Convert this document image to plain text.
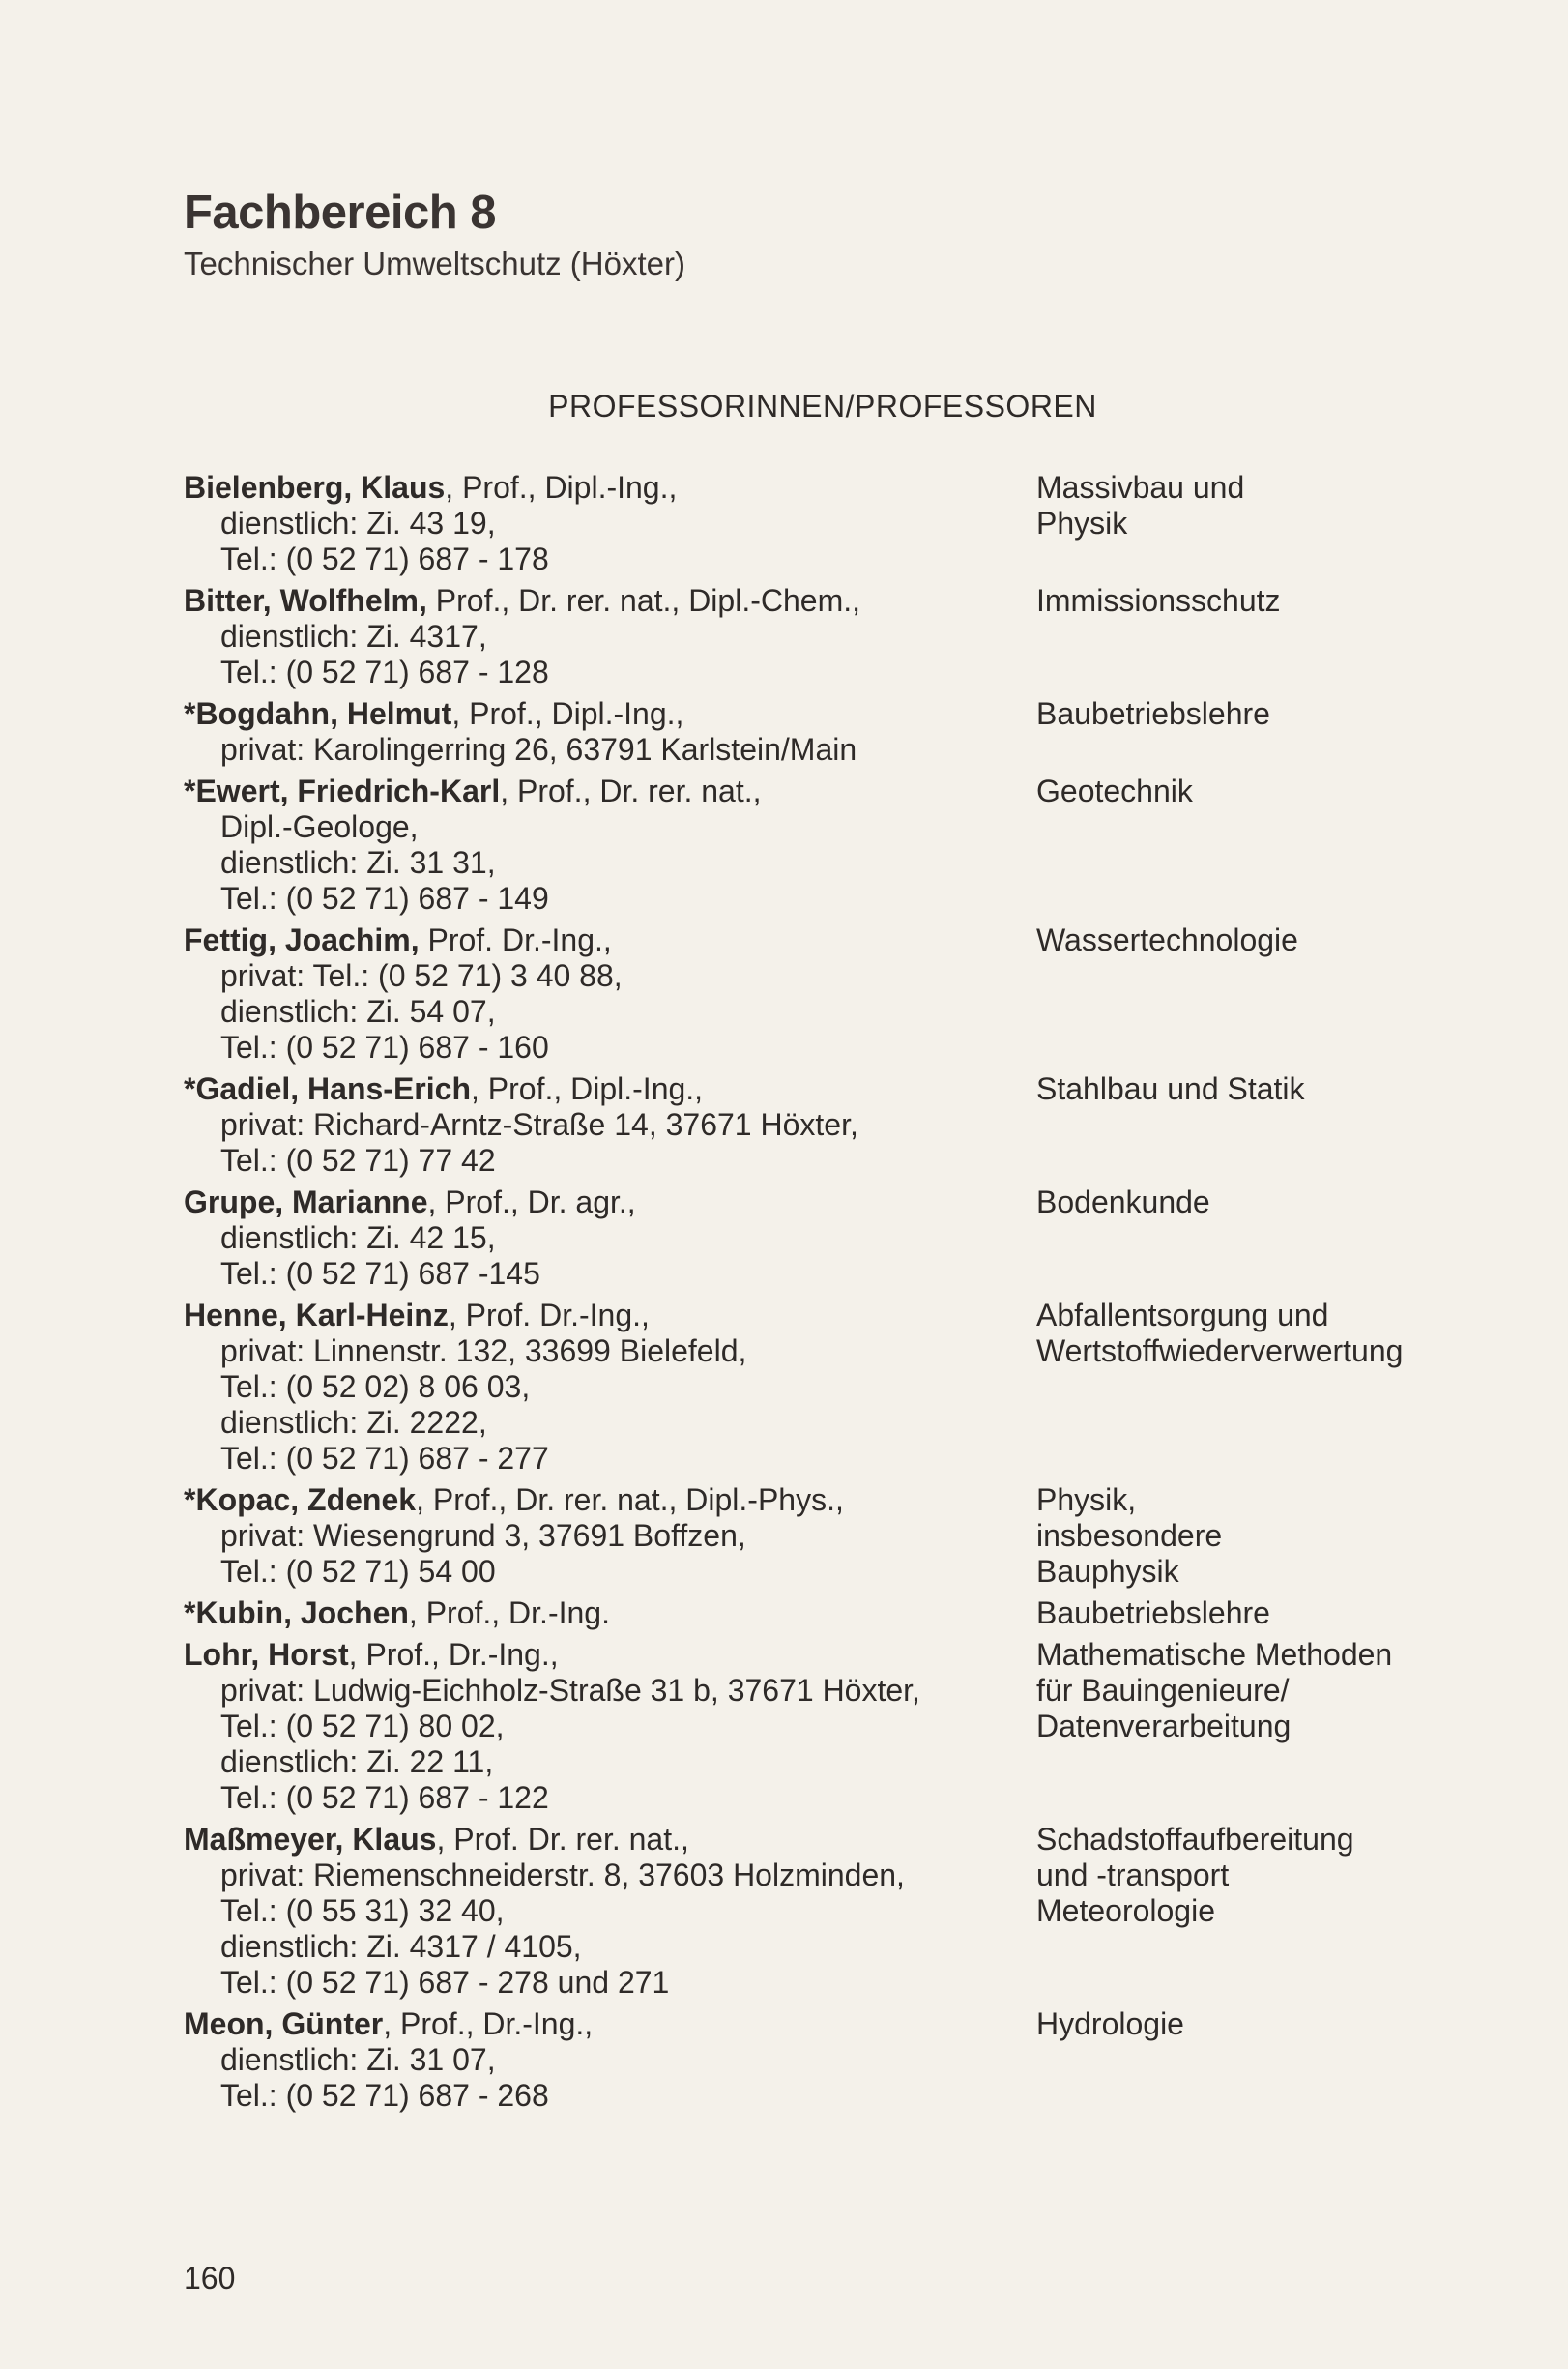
Fachbereich 8
Technischer Umweltschutz (Höxter)
PROFESSORINNEN/PROFESSOREN
Bielenberg, Klaus, Prof., Dipl.-Ing.,
dienstlich: Zi. 43 19,
Tel.: (0 52 71) 687 - 178
Massivbau und
Physik
Bitter, Wolfhelm, Prof., Dr. rer. nat., Dipl.-Chem.,
dienstlich: Zi. 4317,
Tel.: (0 52 71) 687 - 128
Immissionsschutz
*Bogdahn, Helmut, Prof., Dipl.-Ing.,
privat: Karolingerring 26, 63791 Karlstein/Main
Baubetriebslehre
*Ewert, Friedrich-Karl, Prof., Dr. rer. nat.,
Dipl.-Geologe,
dienstlich: Zi. 31 31,
Tel.: (0 52 71) 687 - 149
Geotechnik
Fettig, Joachim, Prof. Dr.-Ing.,
privat: Tel.: (0 52 71) 3 40 88,
dienstlich: Zi. 54 07,
Tel.: (0 52 71) 687 - 160
Wassertechnologie
*Gadiel, Hans-Erich, Prof., Dipl.-Ing.,
privat: Richard-Arntz-Straße 14, 37671 Höxter,
Tel.: (0 52 71) 77 42
Stahlbau und Statik
Grupe, Marianne, Prof., Dr. agr.,
dienstlich: Zi. 42 15,
Tel.: (0 52 71) 687 -145
Bodenkunde
Henne, Karl-Heinz, Prof. Dr.-Ing.,
privat: Linnenstr. 132, 33699 Bielefeld,
Tel.: (0 52 02) 8 06 03,
dienstlich: Zi. 2222,
Tel.: (0 52 71) 687 - 277
Abfallentsorgung und
Wertstoffwiederverwertung
*Kopac, Zdenek, Prof., Dr. rer. nat., Dipl.-Phys.,
privat: Wiesengrund 3, 37691 Boffzen,
Tel.: (0 52 71) 54 00
Physik,
insbesondere
Bauphysik
*Kubin, Jochen, Prof., Dr.-Ing.	Baubetriebslehre
Lohr, Horst, Prof., Dr.-Ing.,
privat: Ludwig-Eichholz-Straße 31 b, 37671 Höxter,
Tel.: (0 52 71) 80 02,
dienstlich: Zi. 22 11,
Tel.: (0 52 71) 687 - 122
Mathematische Methoden
für Bauingenieure/
Datenverarbeitung
Maßmeyer, Klaus, Prof. Dr. rer. nat.,
privat: Riemenschneiderstr. 8, 37603 Holzminden,
Tel.: (0 55 31) 32 40,
dienstlich: Zi. 4317 / 4105,
Tel.: (0 52 71) 687 - 278 und 271
Schadstoffaufbereitung
und -transport
Meteorologie
Meon, Günter, Prof., Dr.-Ing.,
dienstlich: Zi. 31 07,
Tel.: (0 52 71) 687 - 268
Hydrologie
160
